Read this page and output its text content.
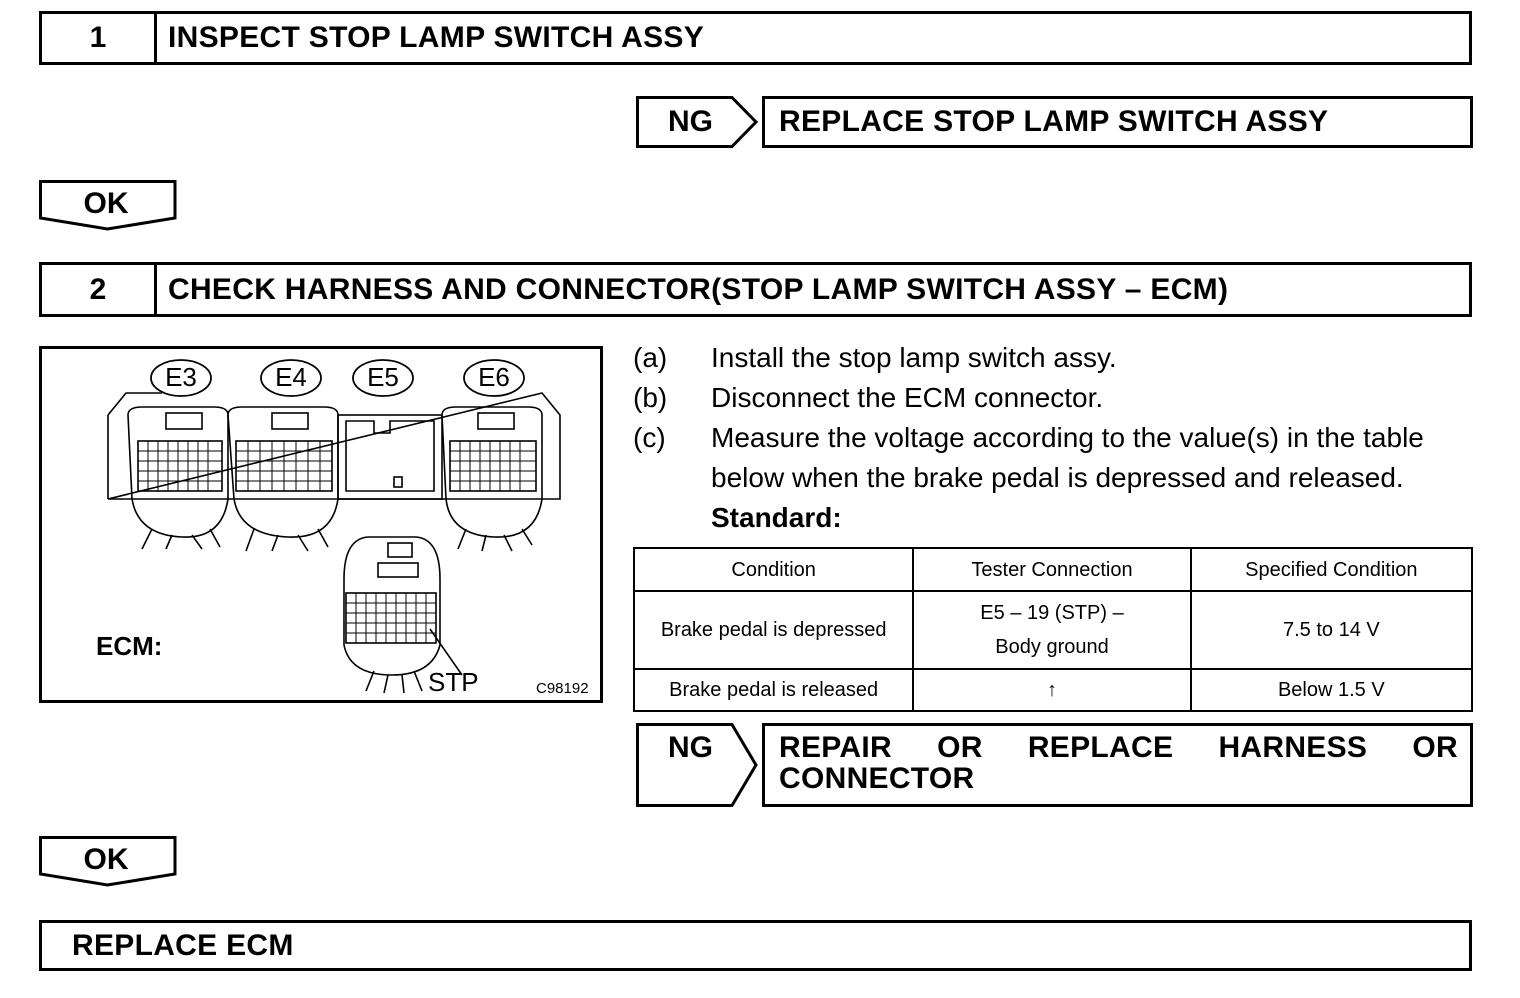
1	INSPECT STOP LAMP SWITCH ASSY
NG REPLACE STOP LAMP SWITCH ASSY
OK
2	CHECK HARNESS AND CONNECTOR(STOP LAMP SWITCH ASSY – ECM)
E3	E4	E5	E6
ECM:
STP	C98192
(a) Install the stop lamp switch assy.
(b) Disconnect the ECM connector.
(c) Measure the voltage according to the value(s) in the table
below when the brake pedal is depressed and released.
Standard:
Condition	Tester Connection	Specified Condition
Brake pedal is depressed	E5 – 19 (STP) –
Body ground	7.5 to 14 V
Brake pedal is released	↑	Below 1.5 V
NG REPAIR OR REPLACE HARNESS OR
CONNECTOR
OK
REPLACE ECM
